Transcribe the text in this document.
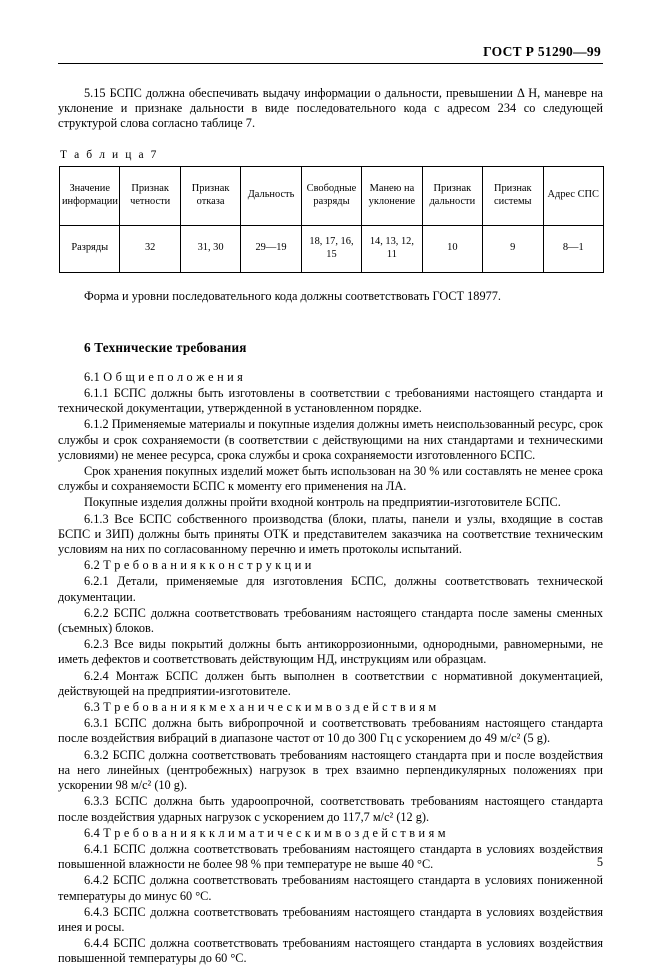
ГОСТ Р 51290—99

5.15 БСПС должна обеспечивать выдачу информации о дальности, превышении Δ H, маневре на уклонение и признаке дальности в виде последовательного кода с адресом 234 со следующей структурой слова согласно таблице 7.

Т а б л и ц а 7
Значение информации	Признак четности	Признак отказа	Дальность	Свободные разряды	Манею на уклонение	Признак дальности	Признак системы	Адрес СПС
Разряды	32	31, 30	29—19	18, 17, 16, 15	14, 13, 12, 11	10	9	8—1

Форма и уровни последовательного кода должны соответствовать ГОСТ 18977.

6 Технические требования

6.1 О б щ и е п о л о ж е н и я

6.1.1 БСПС должны быть изготовлены в соответствии с требованиями настоящего стандарта и технической документации, утвержденной в установленном порядке.

6.1.2 Применяемые материалы и покупные изделия должны иметь неиспользованный ресурс, срок службы и срок сохраняемости (в соответствии с действующими на них стандартами и техническими условиями) не менее ресурса, срока службы и срока сохраняемости изготовленного БСПС.

Срок хранения покупных изделий может быть использован на 30 % или составлять не менее срока службы и сохраняемости БСПС к моменту его применения на ЛА.

Покупные изделия должны пройти входной контроль на предприятии-изготовителе БСПС.

6.1.3 Все БСПС собственного производства (блоки, платы, панели и узлы, входящие в состав БСПС и ЗИП) должны быть приняты ОТК и представителем заказчика на соответствие техническим условиям на них по согласованному перечню и иметь протоколы испытаний.

6.2 Т р е б о в а н и я к к о н с т р у к ц и и

6.2.1 Детали, применяемые для изготовления БСПС, должны соответствовать технической документации.

6.2.2 БСПС должна соответствовать требованиям настоящего стандарта после замены сменных (съемных) блоков.

6.2.3 Все виды покрытий должны быть антикоррозионными, однородными, равномерными, не иметь дефектов и соответствовать действующим НД, инструкциям или образцам.

6.2.4 Монтаж БСПС должен быть выполнен в соответствии с нормативной документацией, действующей на предприятии-изготовителе.

6.3 Т р е б о в а н и я к м е х а н и ч е с к и м в о з д е й с т в и я м

6.3.1 БСПС должна быть вибропрочной и соответствовать требованиям настоящего стандарта после воздействия вибраций в диапазоне частот от 10 до 300 Гц с ускорением до 49 м/с² (5 g).

6.3.2 БСПС должна соответствовать требованиям настоящего стандарта при и после воздействия на него линейных (центробежных) нагрузок в трех взаимно перпендикулярных положениях при ускорении 98 м/с² (10 g).

6.3.3 БСПС должна быть удароопрочной, соответствовать требованиям настоящего стандарта после воздействия ударных нагрузок с ускорением до 117,7 м/с² (12 g).

6.4 Т р е б о в а н и я к к л и м а т и ч е с к и м в о з д е й с т в и я м

6.4.1 БСПС должна соответствовать требованиям настоящего стандарта в условиях воздействия повышенной влажности не более 98 % при температуре не выше 40 °С.

6.4.2 БСПС должна соответствовать требованиям настоящего стандарта в условиях пониженной температуры до минус 60 °С.

6.4.3 БСПС должна соответствовать требованиям настоящего стандарта в условиях воздействия инея и росы.

6.4.4 БСПС должна соответствовать требованиям настоящего стандарта в условиях воздействия повышенной температуры до 60 °С.

5
